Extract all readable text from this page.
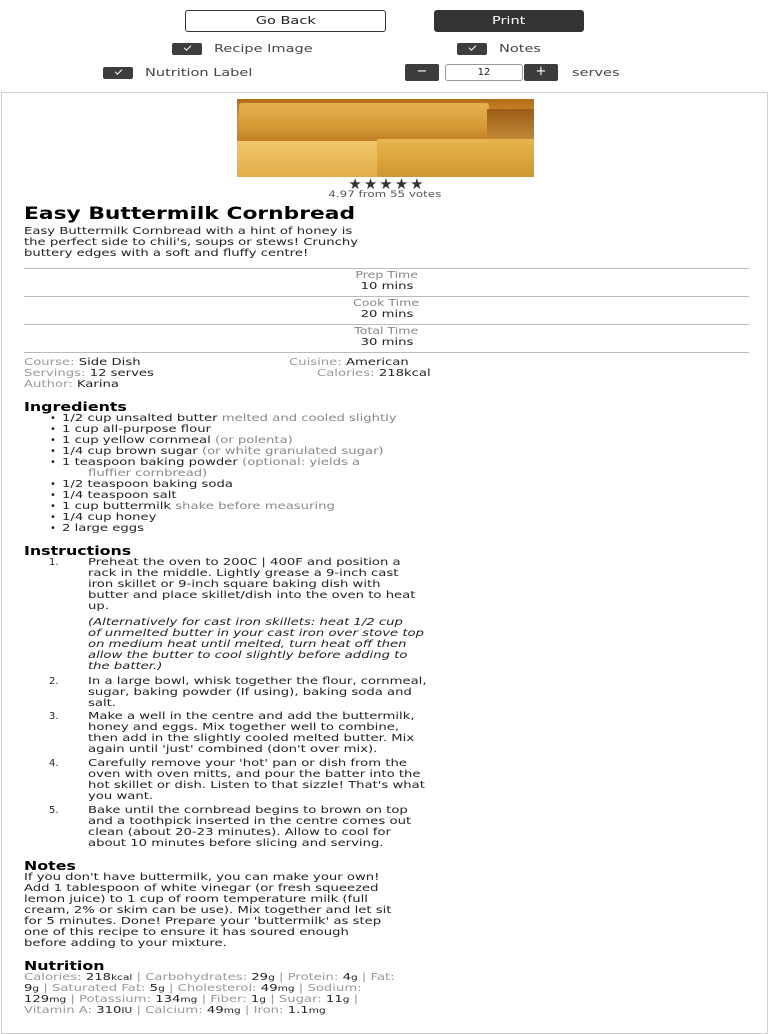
Go Back	Print
Recipe Image	Notes
Nutrition Label	−	12	+	serves
★★★★★
4.97 from 55 votes
Easy Buttermilk Cornbread
Easy Buttermilk Cornbread with a hint of honey is
the perfect side to chili's, soups or stews! Crunchy
buttery edges with a soft and fluffy centre!
Prep Time
10 mins
Cook Time
20 mins
Total Time
30 mins
Course: Side Dish	Cuisine: American
Servings: 12 serves	Calories: 218kcal
Author: Karina
Ingredients
• 1/2 cup unsalted butter melted and cooled slightly
• 1 cup all-purpose flour
• 1 cup yellow cornmeal (or polenta)
• 1/4 cup brown sugar (or white granulated sugar)
• 1 teaspoon baking powder (optional: yields a
fluffier cornbread)
• 1/2 teaspoon baking soda
• 1/4 teaspoon salt
• 1 cup buttermilk shake before measuring
• 1/4 cup honey
• 2 large eggs
Instructions
1.	Preheat the oven to 200C | 400F and position a
rack in the middle. Lightly grease a 9-inch cast
iron skillet or 9-inch square baking dish with
butter and place skillet/dish into the oven to heat
up.
(Alternatively for cast iron skillets: heat 1/2 cup
of unmelted butter in your cast iron over stove top
on medium heat until melted, turn heat off then
allow the butter to cool slightly before adding to
the batter.)
2.	In a large bowl, whisk together the flour, cornmeal,
sugar, baking powder (If using), baking soda and
salt.
3.	Make a well in the centre and add the buttermilk,
honey and eggs. Mix together well to combine,
then add in the slightly cooled melted butter. Mix
again until 'just' combined (don't over mix).
4.	Carefully remove your 'hot' pan or dish from the
oven with oven mitts, and pour the batter into the
hot skillet or dish. Listen to that sizzle! That's what
you want.
5.	Bake until the cornbread begins to brown on top
and a toothpick inserted in the centre comes out
clean (about 20-23 minutes). Allow to cool for
about 10 minutes before slicing and serving.
Notes
If you don't have buttermilk, you can make your own!
Add 1 tablespoon of white vinegar (or fresh squeezed
lemon juice) to 1 cup of room temperature milk (full
cream, 2% or skim can be use). Mix together and let sit
for 5 minutes. Done! Prepare your 'buttermilk' as step
one of this recipe to ensure it has soured enough
before adding to your mixture.
Nutrition
Calories: 218kcal | Carbohydrates: 29g | Protein: 4g | Fat:
9g | Saturated Fat: 5g | Cholesterol: 49mg | Sodium:
129mg | Potassium: 134mg | Fiber: 1g | Sugar: 11g |
Vitamin A: 310IU | Calcium: 49mg | Iron: 1.1mg
